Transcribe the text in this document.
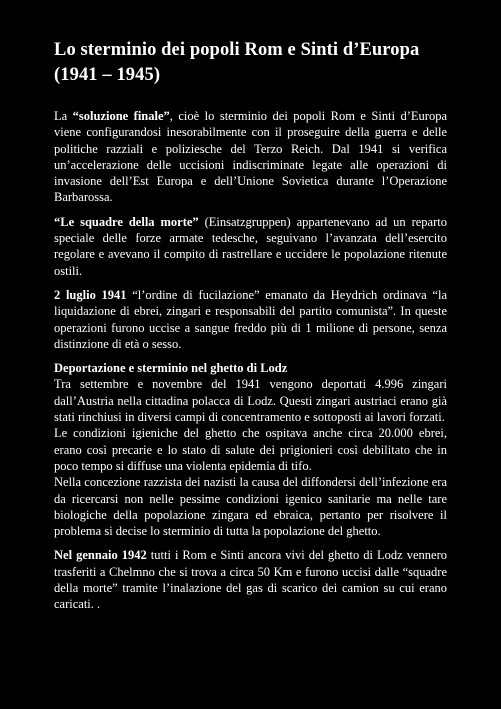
Lo sterminio dei popoli Rom e Sinti d’Europa (1941 – 1945)

La “soluzione finale”, cioè lo sterminio dei popoli Rom e Sinti d’Europa viene configurandosi inesorabilmente con il proseguire della guerra e delle politiche razziali e poliziesche del Terzo Reich. Dal 1941 si verifica un’accelerazione delle uccisioni indiscriminate legate alle operazioni di invasione dell’Est Europa e dell’Unione Sovietica durante l’Operazione Barbarossa.

“Le squadre della morte” (Einsatzgruppen) appartenevano ad un reparto speciale delle forze armate tedesche, seguivano l’avanzata dell’esercito regolare e avevano il compito di rastrellare e uccidere le popolazione ritenute ostili.

2 luglio 1941 “l’ordine di fucilazione” emanato da Heydrich ordinava “la liquidazione di ebrei, zingari e responsabili del partito comunista”. In queste operazioni furono uccise a sangue freddo più di 1 milione di persone, senza distinzione di età o sesso.

Deportazione e sterminio nel ghetto di Lodz

Tra settembre e novembre del 1941 vengono deportati 4.996 zingari dall’Austria nella cittadina polacca di Lodz. Questi zingari austriaci erano già stati rinchiusi in diversi campi di concentramento e sottoposti ai lavori forzati.

Le condizioni igieniche del ghetto che ospitava anche circa 20.000 ebrei, erano così precarie e lo stato di salute dei prigionieri così debilitato che in poco tempo si diffuse una violenta epidemia di tifo.

Nella concezione razzista dei nazisti la causa del diffondersi dell’infezione era da ricercarsi non nelle pessime condizioni igenico sanitarie ma nelle tare biologiche della popolazione zingara ed ebraica, pertanto per risolvere il problema si decise lo sterminio di tutta la popolazione del ghetto.

Nel gennaio 1942 tutti i Rom e Sinti ancora vivi del ghetto di Lodz vennero trasferiti a Chelmno che si trova a circa 50 Km e furono uccisi dalle “squadre della morte” tramite l’inalazione del gas di scarico dei camion su cui erano caricati. .
